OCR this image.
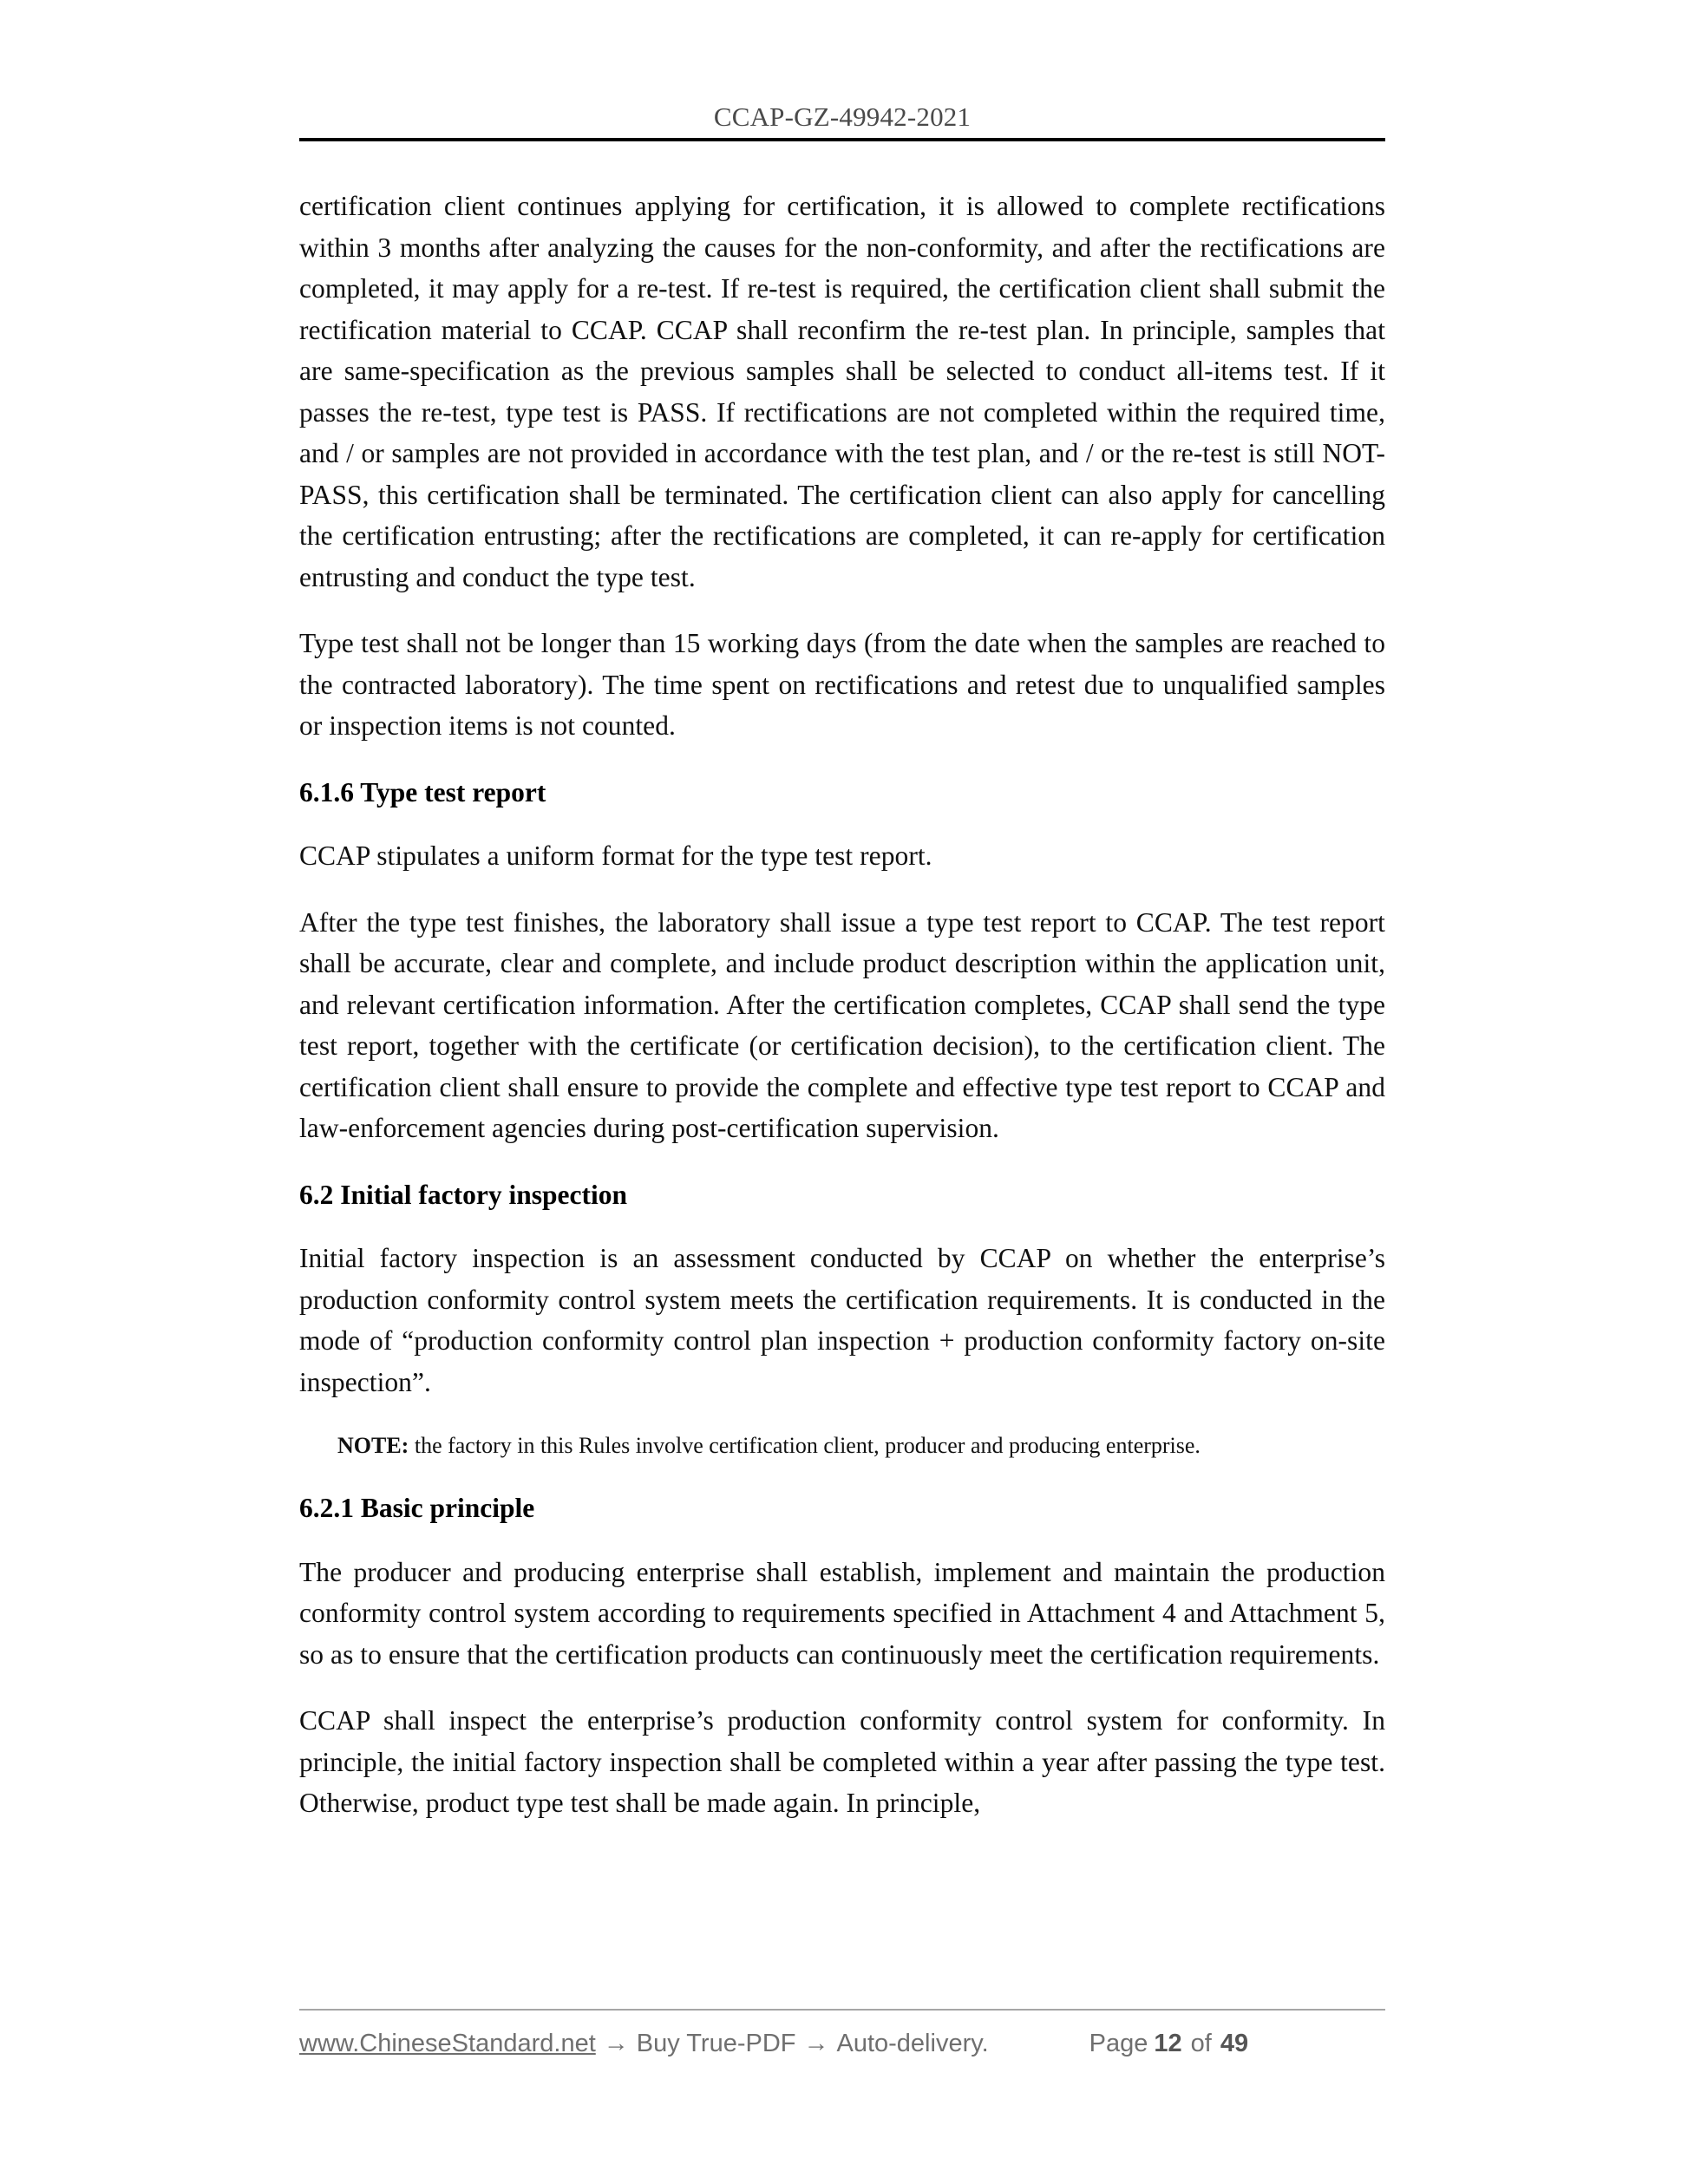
CCAP-GZ-49942-2021

certification client continues applying for certification, it is allowed to complete rectifications within 3 months after analyzing the causes for the non-conformity, and after the rectifications are completed, it may apply for a re-test. If re-test is required, the certification client shall submit the rectification material to CCAP. CCAP shall reconfirm the re-test plan. In principle, samples that are same-specification as the previous samples shall be selected to conduct all-items test. If it passes the re-test, type test is PASS. If rectifications are not completed within the required time, and / or samples are not provided in accordance with the test plan, and / or the re-test is still NOT-PASS, this certification shall be terminated. The certification client can also apply for cancelling the certification entrusting; after the rectifications are completed, it can re-apply for certification entrusting and conduct the type test.

Type test shall not be longer than 15 working days (from the date when the samples are reached to the contracted laboratory). The time spent on rectifications and retest due to unqualified samples or inspection items is not counted.

6.1.6 Type test report

CCAP stipulates a uniform format for the type test report.

After the type test finishes, the laboratory shall issue a type test report to CCAP. The test report shall be accurate, clear and complete, and include product description within the application unit, and relevant certification information. After the certification completes, CCAP shall send the type test report, together with the certificate (or certification decision), to the certification client. The certification client shall ensure to provide the complete and effective type test report to CCAP and law-enforcement agencies during post-certification supervision.

6.2 Initial factory inspection

Initial factory inspection is an assessment conducted by CCAP on whether the enterprise’s production conformity control system meets the certification requirements. It is conducted in the mode of “production conformity control plan inspection + production conformity factory on-site inspection”.

NOTE: the factory in this Rules involve certification client, producer and producing enterprise.

6.2.1 Basic principle

The producer and producing enterprise shall establish, implement and maintain the production conformity control system according to requirements specified in Attachment 4 and Attachment 5, so as to ensure that the certification products can continuously meet the certification requirements.

CCAP shall inspect the enterprise’s production conformity control system for conformity. In principle, the initial factory inspection shall be completed within a year after passing the type test. Otherwise, product type test shall be made again. In principle,

www.ChineseStandard.net → Buy True-PDF → Auto-delivery.	Page 12 of 49
